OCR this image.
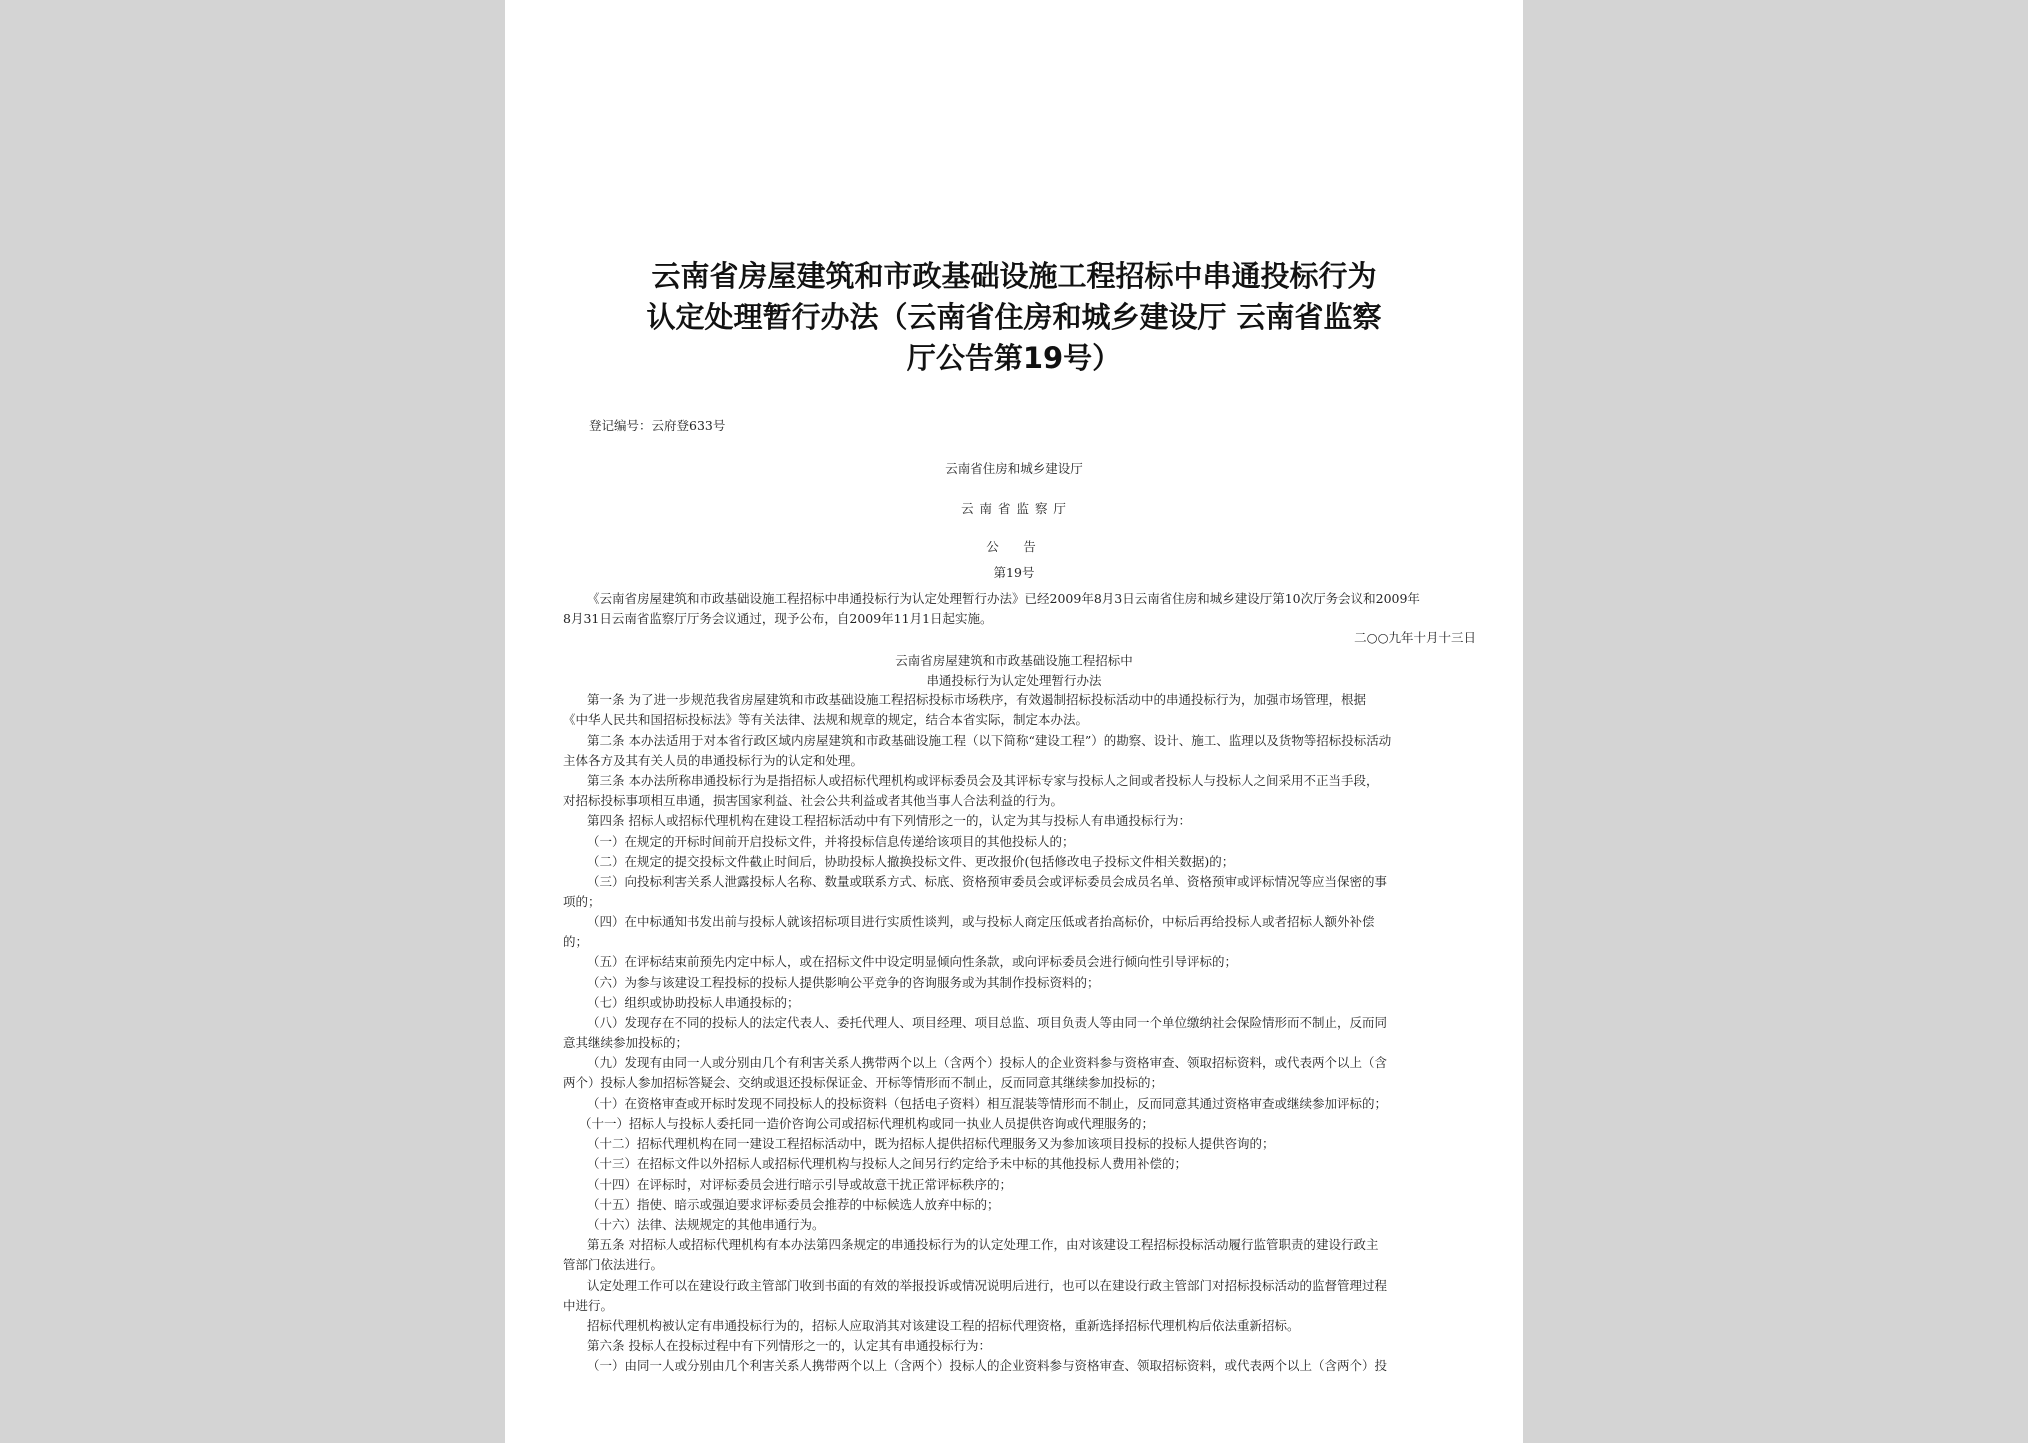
云南省房屋建筑和市政基础设施工程招标中串通投标行为
认定处理暂行办法（云南省住房和城乡建设厅 云南省监察
厅公告第19号）
登记编号：云府登633号
云南省住房和城乡建设厅
云 南 省 监 察 厅
公　告
第19号
《云南省房屋建筑和市政基础设施工程招标中串通投标行为认定处理暂行办法》已经2009年8月3日云南省住房和城乡建设厅第10次厅务会议和2009年
8月31日云南省监察厅厅务会议通过，现予公布，自2009年11月1日起实施。
二○○九年十月十三日
云南省房屋建筑和市政基础设施工程招标中
串通投标行为认定处理暂行办法
第一条 为了进一步规范我省房屋建筑和市政基础设施工程招标投标市场秩序，有效遏制招标投标活动中的串通投标行为，加强市场管理，根据
《中华人民共和国招标投标法》等有关法律、法规和规章的规定，结合本省实际，制定本办法。
第二条 本办法适用于对本省行政区域内房屋建筑和市政基础设施工程（以下简称“建设工程”）的勘察、设计、施工、监理以及货物等招标投标活动
主体各方及其有关人员的串通投标行为的认定和处理。
第三条 本办法所称串通投标行为是指招标人或招标代理机构或评标委员会及其评标专家与投标人之间或者投标人与投标人之间采用不正当手段，
对招标投标事项相互串通，损害国家利益、社会公共利益或者其他当事人合法利益的行为。
第四条 招标人或招标代理机构在建设工程招标活动中有下列情形之一的，认定为其与投标人有串通投标行为：
（一）在规定的开标时间前开启投标文件，并将投标信息传递给该项目的其他投标人的；
（二）在规定的提交投标文件截止时间后，协助投标人撤换投标文件、更改报价(包括修改电子投标文件相关数据)的；
（三）向投标利害关系人泄露投标人名称、数量或联系方式、标底、资格预审委员会或评标委员会成员名单、资格预审或评标情况等应当保密的事
项的；
（四）在中标通知书发出前与投标人就该招标项目进行实质性谈判，或与投标人商定压低或者抬高标价，中标后再给投标人或者招标人额外补偿
的；
（五）在评标结束前预先内定中标人，或在招标文件中设定明显倾向性条款，或向评标委员会进行倾向性引导评标的；
（六）为参与该建设工程投标的投标人提供影响公平竞争的咨询服务或为其制作投标资料的；
（七）组织或协助投标人串通投标的；
（八）发现存在不同的投标人的法定代表人、委托代理人、项目经理、项目总监、项目负责人等由同一个单位缴纳社会保险情形而不制止，反而同
意其继续参加投标的；
（九）发现有由同一人或分别由几个有利害关系人携带两个以上（含两个）投标人的企业资料参与资格审查、领取招标资料，或代表两个以上（含
两个）投标人参加招标答疑会、交纳或退还投标保证金、开标等情形而不制止，反而同意其继续参加投标的；
（十）在资格审查或开标时发现不同投标人的投标资料（包括电子资料）相互混装等情形而不制止，反而同意其通过资格审查或继续参加评标的；
（十一）招标人与投标人委托同一造价咨询公司或招标代理机构或同一执业人员提供咨询或代理服务的；
（十二）招标代理机构在同一建设工程招标活动中，既为招标人提供招标代理服务又为参加该项目投标的投标人提供咨询的；
（十三）在招标文件以外招标人或招标代理机构与投标人之间另行约定给予未中标的其他投标人费用补偿的；
（十四）在评标时，对评标委员会进行暗示引导或故意干扰正常评标秩序的；
（十五）指使、暗示或强迫要求评标委员会推荐的中标候选人放弃中标的；
（十六）法律、法规规定的其他串通行为。
第五条 对招标人或招标代理机构有本办法第四条规定的串通投标行为的认定处理工作，由对该建设工程招标投标活动履行监管职责的建设行政主
管部门依法进行。
认定处理工作可以在建设行政主管部门收到书面的有效的举报投诉或情况说明后进行，也可以在建设行政主管部门对招标投标活动的监督管理过程
中进行。
招标代理机构被认定有串通投标行为的，招标人应取消其对该建设工程的招标代理资格，重新选择招标代理机构后依法重新招标。
第六条 投标人在投标过程中有下列情形之一的，认定其有串通投标行为：
（一）由同一人或分别由几个利害关系人携带两个以上（含两个）投标人的企业资料参与资格审查、领取招标资料，或代表两个以上（含两个）投
